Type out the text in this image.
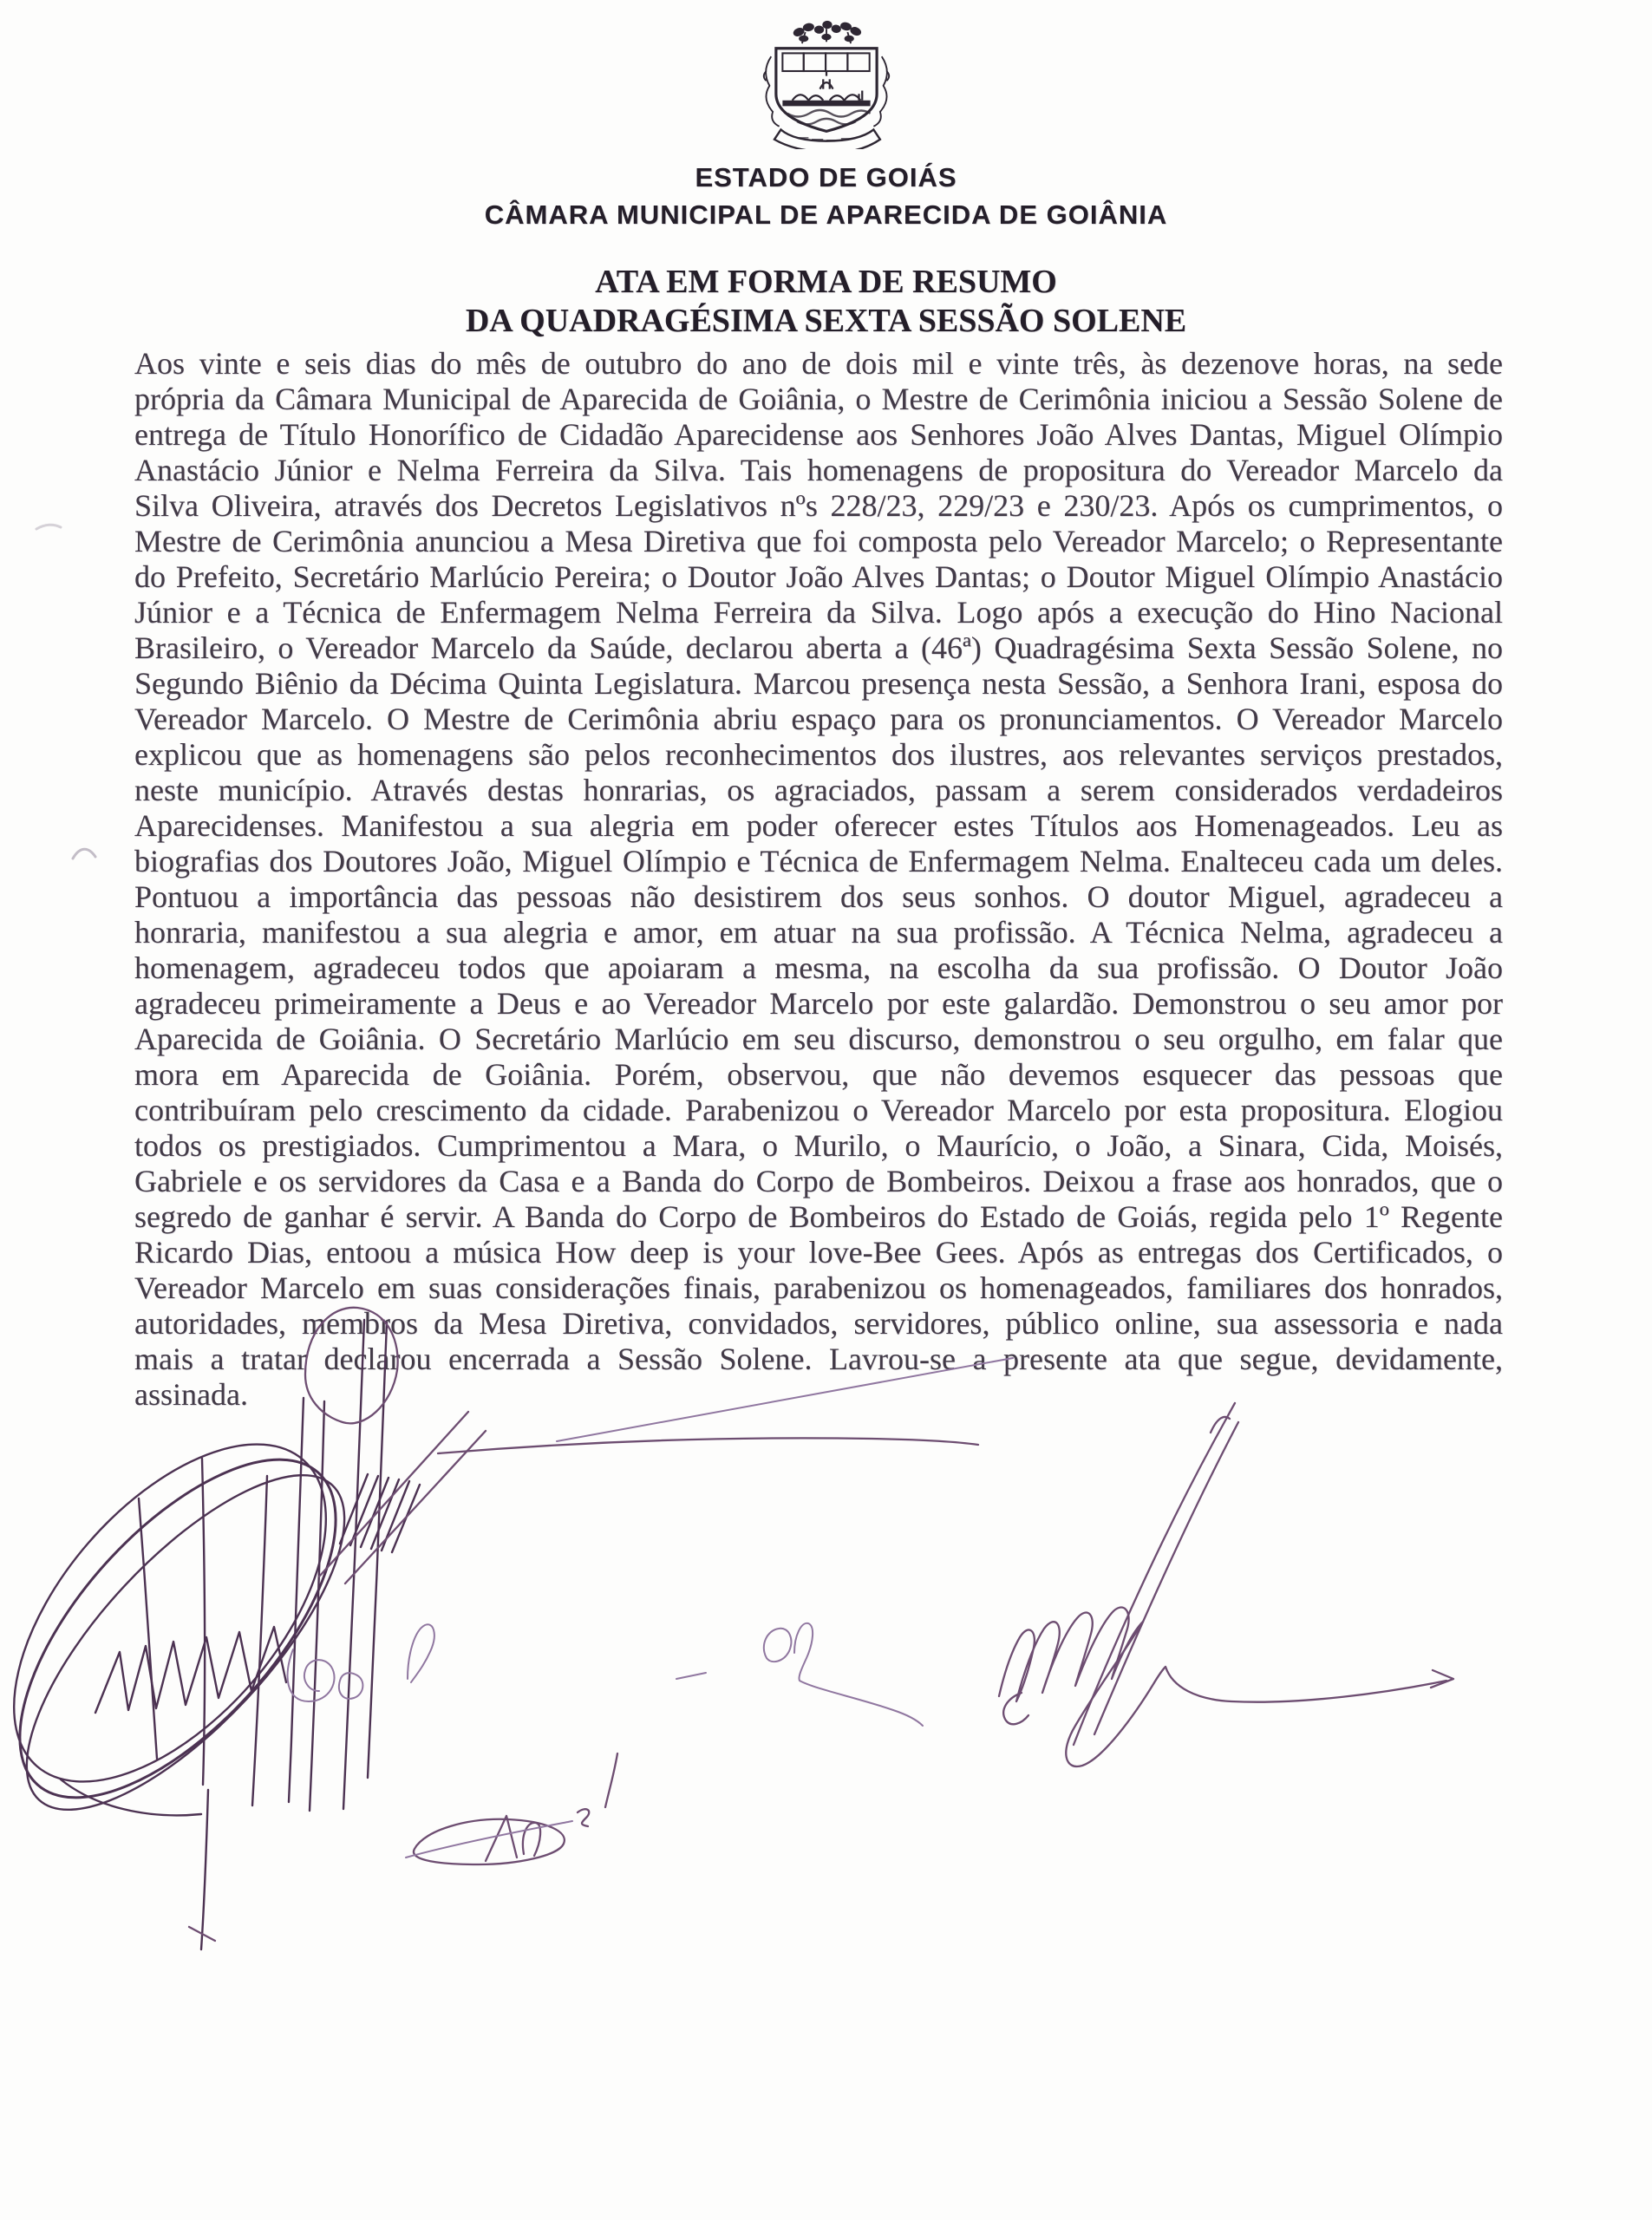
ESTADO DE GOIÁS
CÂMARA MUNICIPAL DE APARECIDA DE GOIÂNIA
ATA EM FORMA DE RESUMO
DA QUADRAGÉSIMA SEXTA SESSÃO SOLENE
Aos vinte e seis dias do mês de outubro do ano de dois mil e vinte três, às dezenove horas, na sede própria da Câmara Municipal de Aparecida de Goiânia, o Mestre de Cerimônia iniciou a Sessão Solene de entrega de Título Honorífico de Cidadão Aparecidense aos Senhores João Alves Dantas, Miguel Olímpio Anastácio Júnior e Nelma Ferreira da Silva. Tais homenagens de propositura do Vereador Marcelo da Silva Oliveira, através dos Decretos Legislativos nºs 228/23, 229/23 e 230/23. Após os cumprimentos, o Mestre de Cerimônia anunciou a Mesa Diretiva que foi composta pelo Vereador Marcelo; o Representante do Prefeito, Secretário Marlúcio Pereira; o Doutor João Alves Dantas; o Doutor Miguel Olímpio Anastácio Júnior e a Técnica de Enfermagem Nelma Ferreira da Silva. Logo após a execução do Hino Nacional Brasileiro, o Vereador Marcelo da Saúde, declarou aberta a (46ª) Quadragésima Sexta Sessão Solene, no Segundo Biênio da Décima Quinta Legislatura. Marcou presença nesta Sessão, a Senhora Irani, esposa do Vereador Marcelo. O Mestre de Cerimônia abriu espaço para os pronunciamentos. O Vereador Marcelo explicou que as homenagens são pelos reconhecimentos dos ilustres, aos relevantes serviços prestados, neste município. Através destas honrarias, os agraciados, passam a serem considerados verdadeiros Aparecidenses. Manifestou a sua alegria em poder oferecer estes Títulos aos Homenageados. Leu as biografias dos Doutores João, Miguel Olímpio e Técnica de Enfermagem Nelma. Enalteceu cada um deles. Pontuou a importância das pessoas não desistirem dos seus sonhos. O doutor Miguel, agradeceu a honraria, manifestou a sua alegria e amor, em atuar na sua profissão. A Técnica Nelma, agradeceu a homenagem, agradeceu todos que apoiaram a mesma, na escolha da sua profissão. O Doutor João agradeceu primeiramente a Deus e ao Vereador Marcelo por este galardão. Demonstrou o seu amor por Aparecida de Goiânia. O Secretário Marlúcio em seu discurso, demonstrou o seu orgulho, em falar que mora em Aparecida de Goiânia. Porém, observou, que não devemos esquecer das pessoas que contribuíram pelo crescimento da cidade. Parabenizou o Vereador Marcelo por esta propositura. Elogiou todos os prestigiados. Cumprimentou a Mara, o Murilo, o Maurício, o João, a Sinara, Cida, Moisés, Gabriele e os servidores da Casa e a Banda do Corpo de Bombeiros. Deixou a frase aos honrados, que o segredo de ganhar é servir. A Banda do Corpo de Bombeiros do Estado de Goiás, regida pelo 1º Regente Ricardo Dias, entoou a música How deep is your love-Bee Gees. Após as entregas dos Certificados, o Vereador Marcelo em suas considerações finais, parabenizou os homenageados, familiares dos honrados, autoridades, membros da Mesa Diretiva, convidados, servidores, público online, sua assessoria e nada mais a tratar declarou encerrada a Sessão Solene. Lavrou-se a presente ata que segue, devidamente, assinada.
